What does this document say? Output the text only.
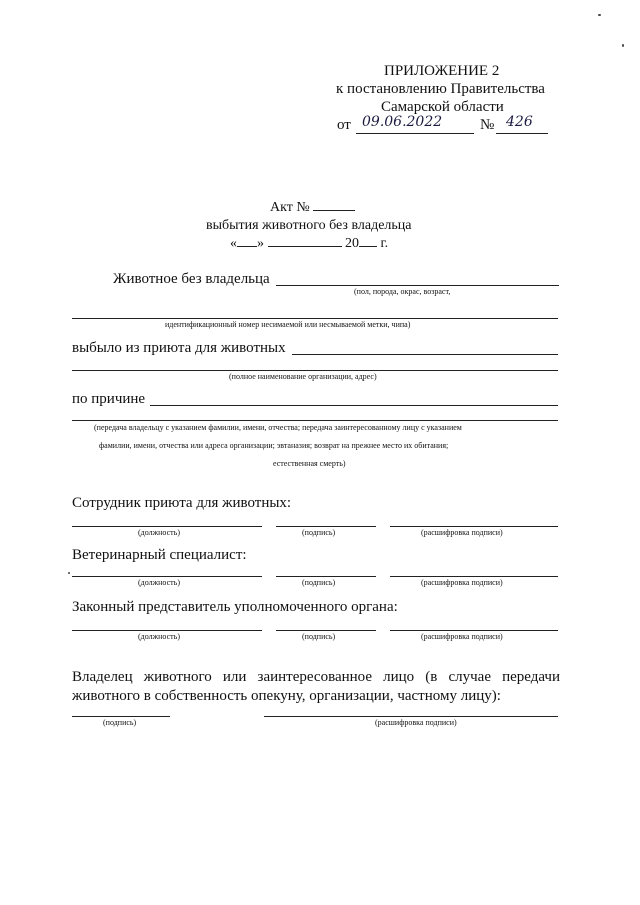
ПРИЛОЖЕНИЕ 2
к постановлению Правительства
Самарской области
от 09.06.2022	№ 426
Акт №
выбытия животного без владельца
« »	20 г.
Животное без владельца
(пол, порода, окрас, возраст,
идентификационный номер несимаемой или несмываемой метки, чипа)
выбыло из приюта для животных
(полное наименование организации, адрес)
по причине
(передача владельцу с указанием фамилии, имени, отчества; передача заинтересованному лицу с указанием
фамилии, имени, отчества или адреса организации; эвтаназия; возврат на прежнее место их обитания;
естественная смерть)
Сотрудник приюта для животных:
(должность)	(подпись)	(расшифровка подписи)
Ветеринарный специалист:
(должность)	(подпись)	(расшифровка подписи)
Законный представитель уполномоченного органа:
(должность)	(подпись)	(расшифровка подписи)
Владелец животного или заинтересованное лицо (в случае передачи животного в собственность опекуну, организации, частному лицу):
(подпись)	(расшифровка подписи)
